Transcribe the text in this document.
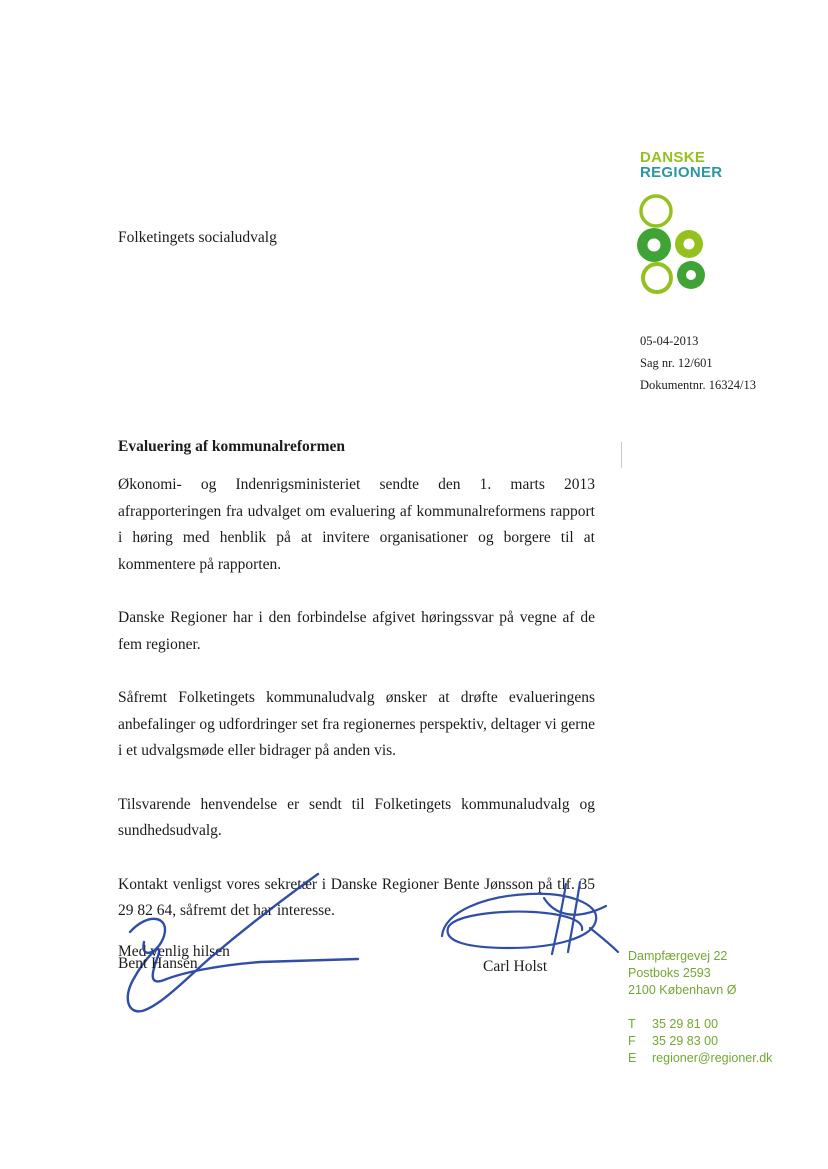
DANSKE
REGIONER
Folketingets socialudvalg
05-04-2013
Sag nr. 12/601
Dokumentnr. 16324/13
Evaluering af kommunalreformen

Økonomi- og Indenrigsministeriet sendte den 1. marts 2013 afrapporteringen fra udvalget om evaluering af kommunalreformens rapport i høring med henblik på at invitere organisationer og borgere til at kommentere på rapporten.

Danske Regioner har i den forbindelse afgivet høringssvar på vegne af de fem regioner.

Såfremt Folketingets kommunaludvalg ønsker at drøfte evalueringens anbefalinger og udfordringer set fra regionernes perspektiv, deltager vi gerne i et udvalgsmøde eller bidrager på anden vis.

Tilsvarende henvendelse er sendt til Folketingets kommunaludvalg og sundhedsudvalg.

Kontakt venligst vores sekretær i Danske Regioner Bente Jønsson på tlf. 35 29 82 64, såfremt det har interesse.

Med venlig hilsen
Bent Hansen	Carl Holst
Dampfærgevej 22
Postboks 2593
2100 København Ø
T	35 29 81 00
F	35 29 83 00
E	regioner@regioner.dk
